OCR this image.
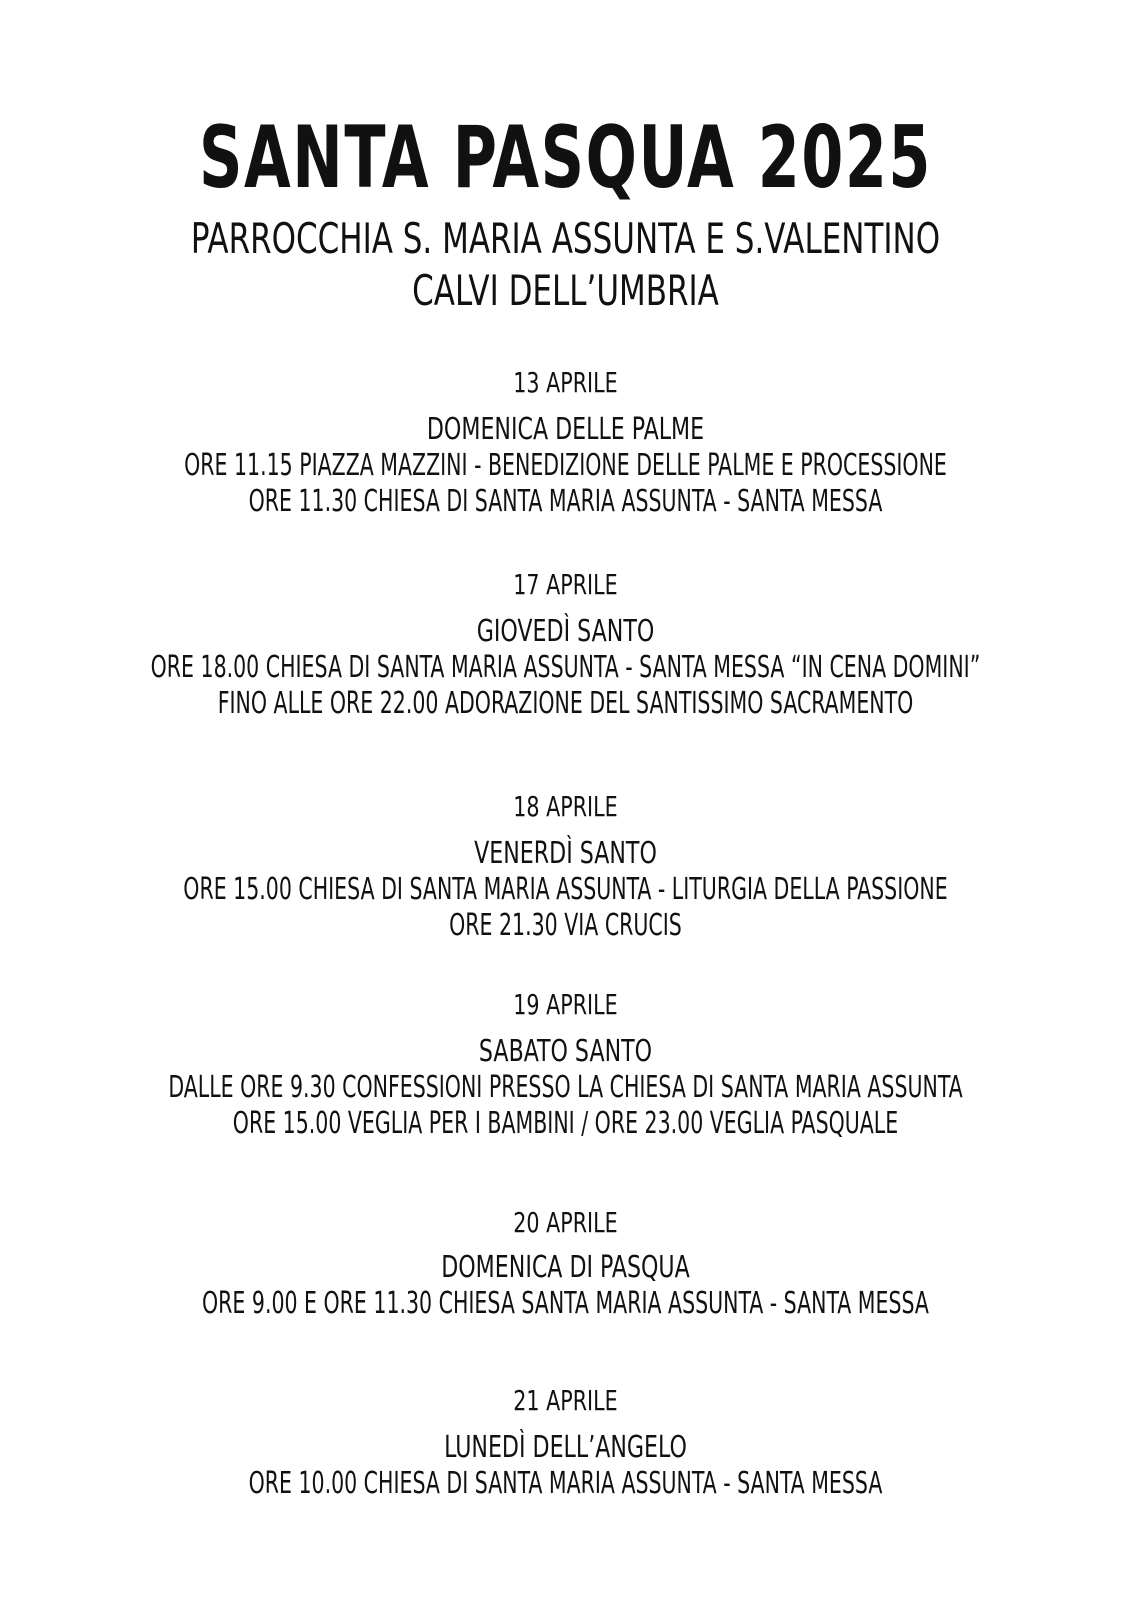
SANTA PASQUA 2025
PARROCCHIA S. MARIA ASSUNTA E S.VALENTINO
CALVI DELL’UMBRIA
13 APRILE
DOMENICA DELLE PALME
ORE 11.15 PIAZZA MAZZINI - BENEDIZIONE DELLE PALME E PROCESSIONE
ORE 11.30 CHIESA DI SANTA MARIA ASSUNTA - SANTA MESSA
17 APRILE
GIOVEDÌ SANTO
ORE 18.00 CHIESA DI SANTA MARIA ASSUNTA - SANTA MESSA “IN CENA DOMINI”
FINO ALLE ORE 22.00 ADORAZIONE DEL SANTISSIMO SACRAMENTO
18 APRILE
VENERDÌ SANTO
ORE 15.00 CHIESA DI SANTA MARIA ASSUNTA - LITURGIA DELLA PASSIONE
ORE 21.30 VIA CRUCIS
19 APRILE
SABATO SANTO
DALLE ORE 9.30 CONFESSIONI PRESSO LA CHIESA DI SANTA MARIA ASSUNTA
ORE 15.00 VEGLIA PER I BAMBINI / ORE 23.00 VEGLIA PASQUALE
20 APRILE
DOMENICA DI PASQUA
ORE 9.00 E ORE 11.30 CHIESA SANTA MARIA ASSUNTA - SANTA MESSA
21 APRILE
LUNEDÌ DELL’ANGELO
ORE 10.00 CHIESA DI SANTA MARIA ASSUNTA - SANTA MESSA
